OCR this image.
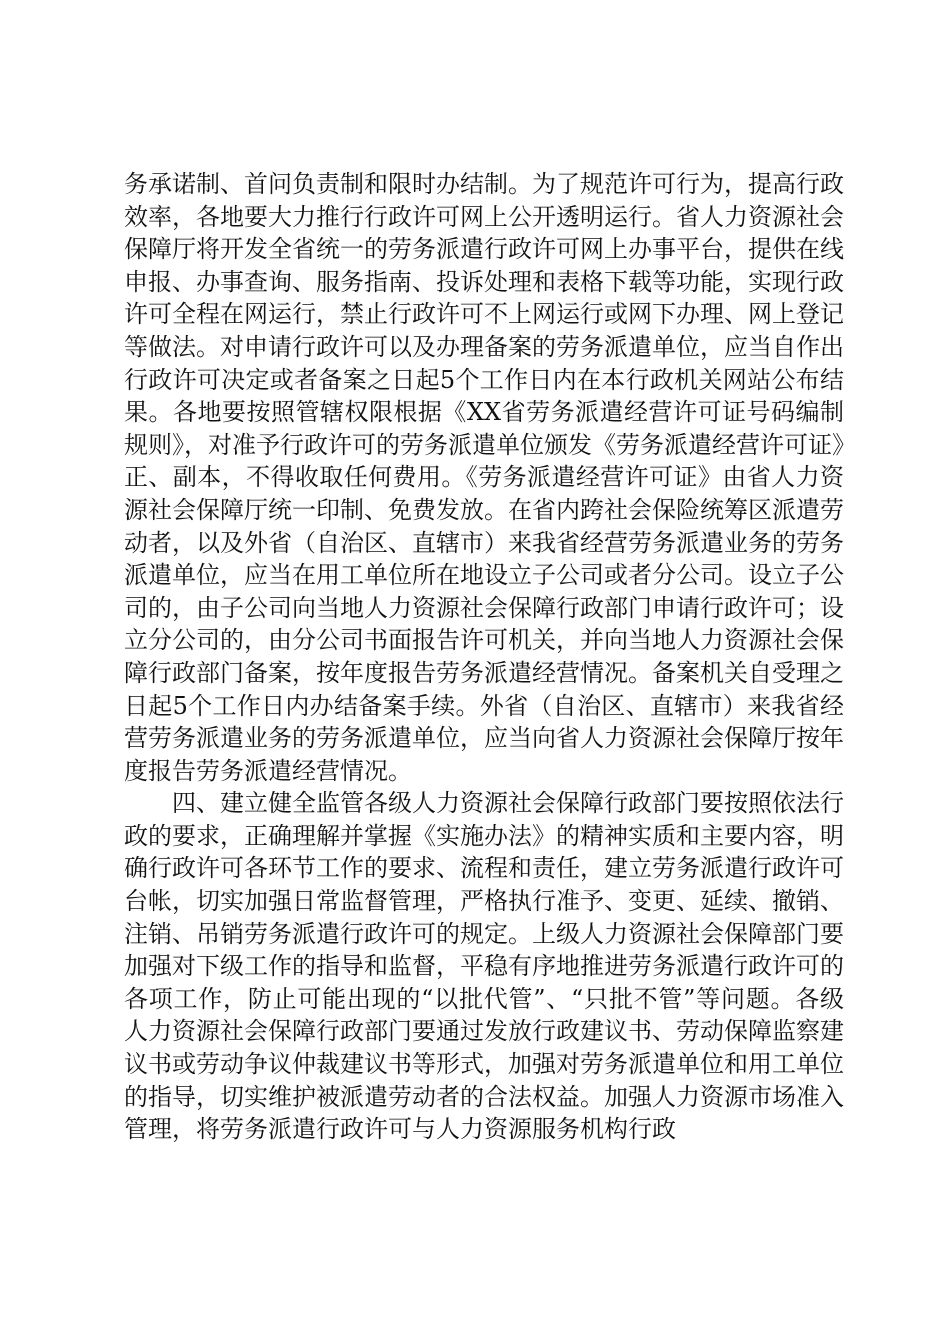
务承诺制、首问负责制和限时办结制。为了规范许可行为，提高行政效率，各地要大力推行行政许可网上公开透明运行。省人力资源社会保障厅将开发全省统一的劳务派遣行政许可网上办事平台，提供在线申报、办事查询、服务指南、投诉处理和表格下载等功能，实现行政许可全程在网运行，禁止行政许可不上网运行或网下办理、网上登记等做法。对申请行政许可以及办理备案的劳务派遣单位，应当自作出行政许可决定或者备案之日起5个工作日内在本行政机关网站公布结果。各地要按照管辖权限根据《XX省劳务派遣经营许可证号码编制规则》，对准予行政许可的劳务派遣单位颁发《劳务派遣经营许可证》正、副本，不得收取任何费用。《劳务派遣经营许可证》由省人力资源社会保障厅统一印制、免费发放。在省内跨社会保险统筹区派遣劳动者，以及外省（自治区、直辖市）来我省经营劳务派遣业务的劳务派遣单位，应当在用工单位所在地设立子公司或者分公司。设立子公司的，由子公司向当地人力资源社会保障行政部门申请行政许可；设立分公司的，由分公司书面报告许可机关，并向当地人力资源社会保障行政部门备案，按年度报告劳务派遣经营情况。备案机关自受理之日起5个工作日内办结备案手续。外省（自治区、直辖市）来我省经营劳务派遣业务的劳务派遣单位，应当向省人力资源社会保障厅按年度报告劳务派遣经营情况。

四、建立健全监管各级人力资源社会保障行政部门要按照依法行政的要求，正确理解并掌握《实施办法》的精神实质和主要内容，明确行政许可各环节工作的要求、流程和责任，建立劳务派遣行政许可台帐，切实加强日常监督管理，严格执行准予、变更、延续、撤销、注销、吊销劳务派遣行政许可的规定。上级人力资源社会保障部门要加强对下级工作的指导和监督，平稳有序地推进劳务派遣行政许可的各项工作，防止可能出现的“以批代管”、“只批不管”等问题。各级人力资源社会保障行政部门要通过发放行政建议书、劳动保障监察建议书或劳动争议仲裁建议书等形式，加强对劳务派遣单位和用工单位的指导，切实维护被派遣劳动者的合法权益。加强人力资源市场准入管理，将劳务派遣行政许可与人力资源服务机构行政
